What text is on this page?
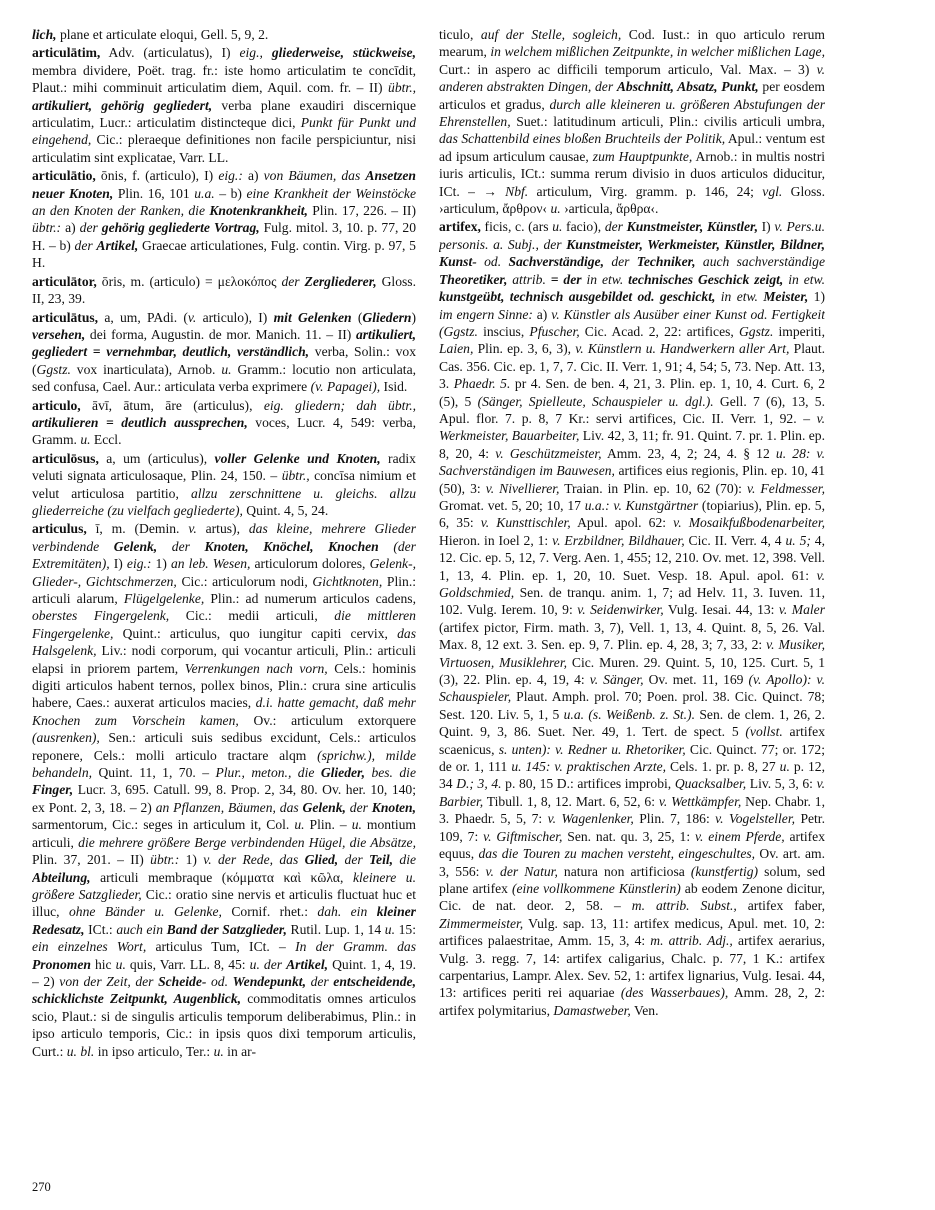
lich, plane et articulate eloqui, Gell. 5, 9, 2.
articulātim, Adv. (articulatus), I) eig., gliederweise, stückweise, membra dividere, Poët. trag. fr.: iste homo articulatim te concīdit, Plaut.: mihi comminuit articulatim diem, Aquil. com. fr. – II) übtr., artikuliert, gehörig gegliedert, verba plane exaudiri discernique articulatim, Lucr.: articulatim distincteque dici, Punkt für Punkt und eingehend, Cic.: pleraeque definitiones non facile perspiciuntur, nisi articulatim sint explicatae, Varr. LL.
articulātio, ōnis, f. (articulo), I) eig.: a) von Bäumen, das Ansetzen neuer Knoten, Plin. 16, 101 u.a. – b) eine Krankheit der Weinstöcke an den Knoten der Ranken, die Knotenkrankheit, Plin. 17, 226. – II) übtr.: a) der gehörig gegliederte Vortrag, Fulg. mitol. 3, 10. p. 77, 20 H. – b) der Artikel, Graecae articulationes, Fulg. contin. Virg. p. 97, 5 H.
articulātor, ōris, m. (articulo) = μελοκόπος der Zergliederer, Gloss. II, 23, 39.
articulātus, a, um, PAdi. (v. articulo), I) mit Gelenken (Gliedern) versehen, dei forma, Augustin. de mor. Manich. 11. – II) artikuliert, gegliedert = vernehmbar, deutlich, verständlich, verba, Solin.: vox (Ggstz. vox inarticulata), Arnob. u. Gramm.: locutio non articulata, sed confusa, Cael. Aur.: articulata verba exprimere (v. Papagei), Isid.
articulo, āvī, ātum, āre (articulus), eig. gliedern; dah übtr., artikulieren = deutlich aussprechen, voces, Lucr. 4, 549: verba, Gramm. u. Eccl.
articulōsus, a, um (articulus), voller Gelenke und Knoten, radix veluti signata articulosaque, Plin. 24, 150. – übtr., concīsa nimium et velut articulosa partitio, allzu zerschnittene u. gleichs. allzu gliederreiche (zu vielfach gegliederte), Quint. 4, 5, 24.
articulus, ī, m. (Demin. v. artus), das kleine, mehrere Glieder verbindende Gelenk, der Knoten, Knöchel, Knochen (der Extremitäten), I) eig.: 1) an leb. Wesen, articulorum dolores, Gelenk-, Glieder-, Gichtschmerzen, Cic.: articulorum nodi, Gichtknoten, Plin.: articuli alarum, Flügelgelenke, Plin.: ad numerum articulos cadens, oberstes Fingergelenk, Cic.: medii articuli, die mittleren Fingergelenke, Quint.: articulus, quo iungitur capiti cervix, das Halsgelenk, Liv.: nodi corporum, qui vocantur articuli, Plin.: articuli elapsi in priorem partem, Verrenkungen nach vorn, Cels.: hominis digiti articulos habent ternos, pollex binos, Plin.: crura sine articulis habere, Caes.: auxerat articulos macies, d.i. hatte gemacht, daß mehr Knochen zum Vorschein kamen, Ov.: articulum extorquere (ausrenken), Sen.: articuli suis sedibus excidunt, Cels.: articulos reponere, Cels.: molli articulo tractare alqm (sprichw.), milde behandeln, Quint. 11, 1, 70. – Plur., meton., die Glieder, bes. die Finger, Lucr. 3, 695. Catull. 99, 8. Prop. 2, 34, 80. Ov. her. 10, 140; ex Pont. 2, 3, 18. – 2) an Pflanzen, Bäumen, das Gelenk, der Knoten, sarmentorum, Cic.: seges in articulum it, Col. u. Plin. – u. montium articuli, die mehrere größere Berge verbindenden Hügel, die Absätze, Plin. 37, 201. – II) übtr.: 1) v. der Rede, das Glied, der Teil, die Abteilung, articuli membraque (κόμματα καὶ κῶλα, kleinere u. größere Satzglieder, Cic.: oratio sine nervis et articulis fluctuat huc et illuc, ohne Bänder u. Gelenke, Cornif. rhet.: dah. ein kleiner Redesatz, ICt.: auch ein Band der Satzglieder, Rutil. Lup. 1, 14 u. 15: ein einzelnes Wort, articulus Tum, ICt. – In der Gramm. das Pronomen hic u. quis, Varr. LL. 8, 45: u. der Artikel, Quint. 1, 4, 19. – 2) von der Zeit, der Scheide- od. Wendepunkt, der entscheidende, schicklichste Zeitpunkt, Augenblick, commoditatis omnes articulos scio, Plaut.: si de singulis articulis temporum deliberabimus, Plin.: in ipso articulo temporis, Cic.: in ipsis quos dixi temporum articulis, Curt.: u. bl. in ipso articulo, Ter.: u. in ar-
ticulo, auf der Stelle, sogleich, Cod. Iust.: in quo articulo rerum mearum, in welchem mißlichen Zeitpunkte, in welcher mißlichen Lage, Curt.: in aspero ac difficili temporum articulo, Val. Max. – 3) v. anderen abstrakten Dingen, der Abschnitt, Absatz, Punkt, per eosdem articulos et gradus, durch alle kleineren u. größeren Abstufungen der Ehrenstellen, Suet.: latitudinum articuli, Plin.: civilis articuli umbra, das Schattenbild eines bloßen Bruchteils der Politik, Apul.: ventum est ad ipsum articulum causae, zum Hauptpunkte, Arnob.: in multis nostri iuris articulis, ICt.: summa rerum divisio in duos articulos diducitur, ICt. – → Nbf. articulum, Virg. gramm. p. 146, 24; vgl. Gloss. ›articulum, ἄρθρον‹ u. ›articula, ἄρθρα‹.
artifex, ficis, c. (ars u. facio), der Kunstmeister, Künstler, I) v. Pers.u. personis. a. Subj., der Kunstmeister, Werkmeister, Künstler, Bildner, Kunst- od. Sachverständige, der Techniker, auch sachverständige Theoretiker, attrib. = der in etw. technisches Geschick zeigt, in etw. kunstgeübt, technisch ausgebildet od. geschickt, in etw. Meister, 1) im engern Sinne: a) v. Künstler als Ausüber einer Kunst od. Fertigkeit (Ggstz. inscius, Pfuscher, Cic. Acad. 2, 22: artifices, Ggstz. imperiti, Laien, Plin. ep. 3, 6, 3), v. Künstlern u. Handwerkern aller Art, Plaut. Cas. 356. Cic. ep. 1, 7, 7. Cic. II. Verr. 1, 91; 4, 54; 5, 73. Nep. Att. 13, 3. Phaedr. 5. pr 4. Sen. de ben. 4, 21, 3. Plin. ep. 1, 10, 4. Curt. 6, 2 (5), 5 (Sänger, Spielleute, Schauspieler u. dgl.). Gell. 7 (6), 13, 5. Apul. flor. 7. p. 8, 7 Kr.: servi artifices, Cic. II. Verr. 1, 92. – v. Werkmeister, Bauarbeiter, Liv. 42, 3, 11; fr. 91. Quint. 7. pr. 1. Plin. ep. 8, 20, 4: v. Geschützmeister, Amm. 23, 4, 2; 24, 4. § 12 u. 28: v. Sachverständigen im Bauwesen, artifices eius regionis, Plin. ep. 10, 41 (50), 3: v. Nivellierer, Traian. in Plin. ep. 10, 62 (70): v. Feldmesser, Gromat. vet. 5, 20; 10, 17 u.a.: v. Kunstgärtner (topiarius), Plin. ep. 5, 6, 35: v. Kunsttischler, Apul. apol. 62: v. Mosaikfußbodenarbeiter, Hieron. in Ioel 2, 1: v. Erzbildner, Bildhauer, Cic. II. Verr. 4, 4 u. 5; 4, 12. Cic. ep. 5, 12, 7. Verg. Aen. 1, 455; 12, 210. Ov. met. 12, 398. Vell. 1, 13, 4. Plin. ep. 1, 20, 10. Suet. Vesp. 18. Apul. apol. 61: v. Goldschmied, Sen. de tranqu. anim. 1, 7; ad Helv. 11, 3. Iuven. 11, 102. Vulg. Ierem. 10, 9: v. Seidenwirker, Vulg. Iesai. 44, 13: v. Maler (artifex pictor, Firm. math. 3, 7), Vell. 1, 13, 4. Quint. 8, 5, 26. Val. Max. 8, 12 ext. 3. Sen. ep. 9, 7. Plin. ep. 4, 28, 3; 7, 33, 2: v. Musiker, Virtuosen, Musiklehrer, Cic. Muren. 29. Quint. 5, 10, 125. Curt. 5, 1 (3), 22. Plin. ep. 4, 19, 4: v. Sänger, Ov. met. 11, 169 (v. Apollo): v. Schauspieler, Plaut. Amph. prol. 70; Poen. prol. 38. Cic. Quinct. 78; Sest. 120. Liv. 5, 1, 5 u.a. (s. Weißenb. z. St.). Sen. de clem. 1, 26, 2. Quint. 9, 3, 86. Suet. Ner. 49, 1. Tert. de spect. 5 (vollst. artifex scaenicus, s. unten): v. Redner u. Rhetoriker, Cic. Quinct. 77; or. 172; de or. 1, 111 u. 145: v. praktischen Arzte, Cels. 1. pr. p. 8, 27 u. p. 12, 34 D.; 3, 4. p. 80, 15 D.: artifices improbi, Quacksalber, Liv. 5, 3, 6: v. Barbier, Tibull. 1, 8, 12. Mart. 6, 52, 6: v. Wettkämpfer, Nep. Chabr. 1, 3. Phaedr. 5, 5, 7: v. Wagenlenker, Plin. 7, 186: v. Vogelsteller, Petr. 109, 7: v. Giftmischer, Sen. nat. qu. 3, 25, 1: v. einem Pferde, artifex equus, das die Touren zu machen versteht, eingeschultes, Ov. art. am. 3, 556: v. der Natur, natura non artificiosa (kunstfertig) solum, sed plane artifex (eine vollkommene Künstlerin) ab eodem Zenone dicitur, Cic. de nat. deor. 2, 58. – m. attrib. Subst., artifex faber, Zimmermeister, Vulg. sap. 13, 11: artifex medicus, Apul. met. 10, 2: artifices palaestritae, Amm. 15, 3, 4: m. attrib. Adj., artifex aerarius, Vulg. 3. regg. 7, 14: artifex caligarius, Chalc. p. 77, 1 K.: artifex carpentarius, Lampr. Alex. Sev. 52, 1: artifex lignarius, Vulg. Iesai. 44, 13: artifices periti rei aquariae (des Wasserbaues), Amm. 28, 2, 2: artifex polymitarius, Damastweber, Ven.
270
